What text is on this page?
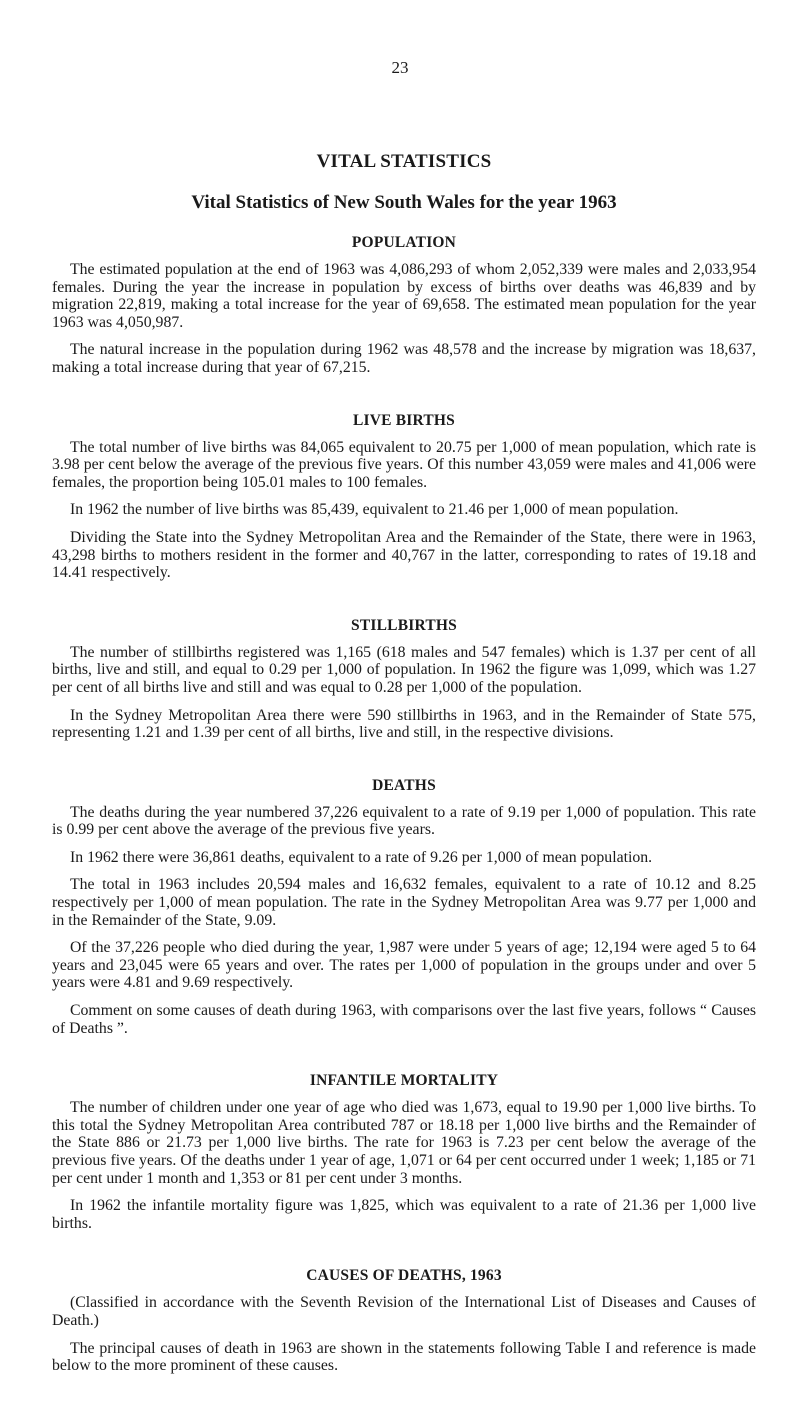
23
VITAL STATISTICS
Vital Statistics of New South Wales for the year 1963
POPULATION

The estimated population at the end of 1963 was 4,086,293 of whom 2,052,339 were males and 2,033,954 females. During the year the increase in population by excess of births over deaths was 46,839 and by migration 22,819, making a total increase for the year of 69,658. The estimated mean population for the year 1963 was 4,050,987.

The natural increase in the population during 1962 was 48,578 and the increase by migration was 18,637, making a total increase during that year of 67,215.

LIVE BIRTHS

The total number of live births was 84,065 equivalent to 20.75 per 1,000 of mean population, which rate is 3.98 per cent below the average of the previous five years. Of this number 43,059 were males and 41,006 were females, the proportion being 105.01 males to 100 females.

In 1962 the number of live births was 85,439, equivalent to 21.46 per 1,000 of mean population.

Dividing the State into the Sydney Metropolitan Area and the Remainder of the State, there were in 1963, 43,298 births to mothers resident in the former and 40,767 in the latter, corresponding to rates of 19.18 and 14.41 respectively.

STILLBIRTHS

The number of stillbirths registered was 1,165 (618 males and 547 females) which is 1.37 per cent of all births, live and still, and equal to 0.29 per 1,000 of population. In 1962 the figure was 1,099, which was 1.27 per cent of all births live and still and was equal to 0.28 per 1,000 of the population.

In the Sydney Metropolitan Area there were 590 stillbirths in 1963, and in the Remainder of State 575, representing 1.21 and 1.39 per cent of all births, live and still, in the respective divisions.

DEATHS

The deaths during the year numbered 37,226 equivalent to a rate of 9.19 per 1,000 of population. This rate is 0.99 per cent above the average of the previous five years.

In 1962 there were 36,861 deaths, equivalent to a rate of 9.26 per 1,000 of mean population.

The total in 1963 includes 20,594 males and 16,632 females, equivalent to a rate of 10.12 and 8.25 respectively per 1,000 of mean population. The rate in the Sydney Metropolitan Area was 9.77 per 1,000 and in the Remainder of the State, 9.09.

Of the 37,226 people who died during the year, 1,987 were under 5 years of age; 12,194 were aged 5 to 64 years and 23,045 were 65 years and over. The rates per 1,000 of population in the groups under and over 5 years were 4.81 and 9.69 respectively.

Comment on some causes of death during 1963, with comparisons over the last five years, follows “ Causes of Deaths ”.

INFANTILE MORTALITY

The number of children under one year of age who died was 1,673, equal to 19.90 per 1,000 live births. To this total the Sydney Metropolitan Area contributed 787 or 18.18 per 1,000 live births and the Remainder of the State 886 or 21.73 per 1,000 live births. The rate for 1963 is 7.23 per cent below the average of the previous five years. Of the deaths under 1 year of age, 1,071 or 64 per cent occurred under 1 week; 1,185 or 71 per cent under 1 month and 1,353 or 81 per cent under 3 months.

In 1962 the infantile mortality figure was 1,825, which was equivalent to a rate of 21.36 per 1,000 live births.

CAUSES OF DEATHS, 1963

(Classified in accordance with the Seventh Revision of the International List of Diseases and Causes of Death.)

The principal causes of death in 1963 are shown in the statements following Table I and reference is made below to the more prominent of these causes.
